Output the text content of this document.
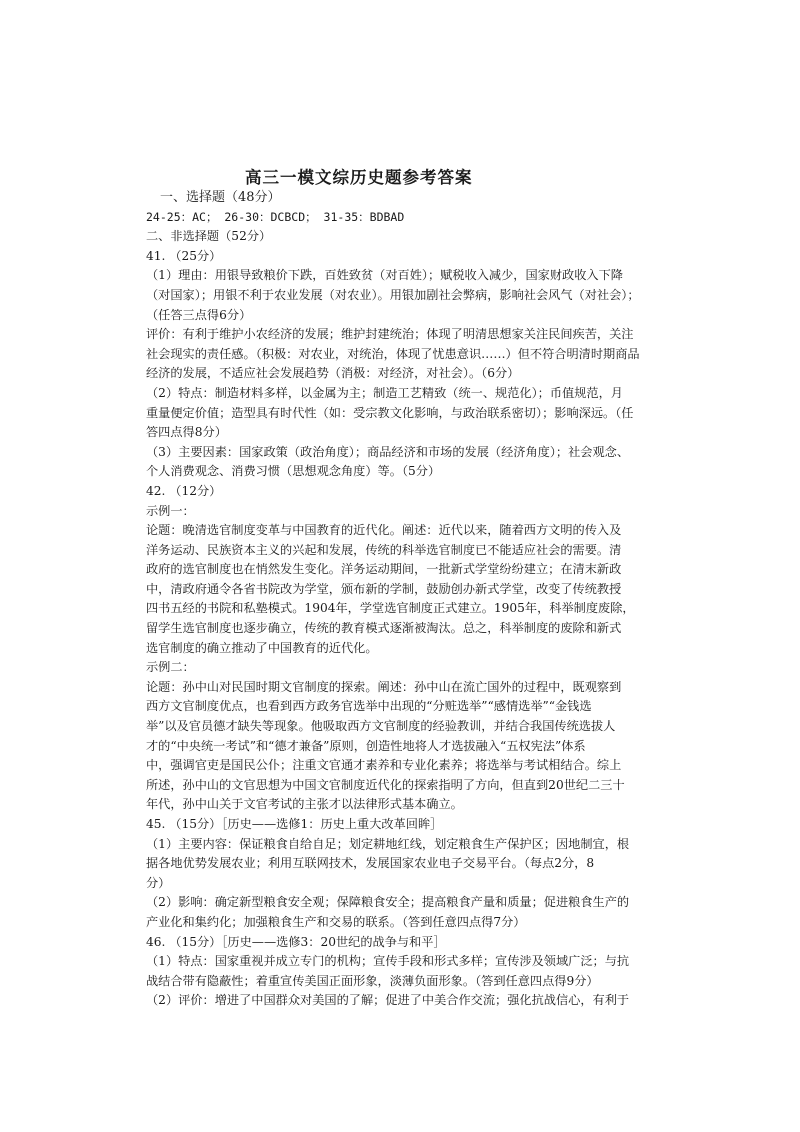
高三一模文综历史题参考答案
一、选择题（48分）
24-25：AC； 26-30：DCBCD； 31-35：BDBAD
二、非选择题（52分）
41. （25分）
（1）理由：用银导致粮价下跌，百姓致贫（对百姓）；赋税收入减少，国家财政收入下降
（对国家）；用银不利于农业发展（对农业）。用银加剧社会弊病，影响社会风气（对社会）；
（任答三点得6分）
评价：有利于维护小农经济的发展；维护封建统治；体现了明清思想家关注民间疾苦，关注
社会现实的责任感。（积极：对农业，对统治，体现了忧患意识……）但不符合明清时期商品
经济的发展，不适应社会发展趋势（消极：对经济，对社会）。（6分）
（2）特点：制造材料多样，以金属为主；制造工艺精致（统一、规范化）；币值规范，月
重量便定价值；造型具有时代性（如：受宗教文化影响，与政治联系密切）；影响深远。（任
答四点得8分）
（3）主要因素：国家政策（政治角度）；商品经济和市场的发展（经济角度）；社会观念、
个人消费观念、消费习惯（思想观念角度）等。（5分）
42. （12分）
示例一：
论题：晚清选官制度变革与中国教育的近代化。阐述：近代以来，随着西方文明的传入及
洋务运动、民族资本主义的兴起和发展，传统的科举选官制度已不能适应社会的需要。清
政府的选官制度也在悄然发生变化。洋务运动期间，一批新式学堂纷纷建立；在清末新政
中，清政府通令各省书院改为学堂，颁布新的学制，鼓励创办新式学堂，改变了传统教授
四书五经的书院和私塾模式。1904年，学堂选官制度正式建立。1905年，科举制度废除，
留学生选官制度也逐步确立，传统的教育模式逐渐被淘汰。总之，科举制度的废除和新式
选官制度的确立推动了中国教育的近代化。
示例二：
论题：孙中山对民国时期文官制度的探索。阐述：孙中山在流亡国外的过程中，既观察到
西方文官制度优点，也看到西方政务官选举中出现的“分赃选举”“感情选举”“金钱选
举”以及官员德才缺失等现象。他吸取西方文官制度的经验教训，并结合我国传统选拔人
才的“中央统一考试”和“德才兼备”原则，创造性地将人才选拔融入“五权宪法”体系
中，强调官吏是国民公仆；注重文官通才素养和专业化素养；将选举与考试相结合。综上
所述，孙中山的文官思想为中国文官制度近代化的探索指明了方向，但直到20世纪二三十
年代，孙中山关于文官考试的主张才以法律形式基本确立。
45. （15分）［历史——选修1：历史上重大改革回眸］
（1）主要内容：保证粮食自给自足；划定耕地红线，划定粮食生产保护区；因地制宜，根
据各地优势发展农业；利用互联网技术，发展国家农业电子交易平台。（每点2分，8
分）
（2）影响：确定新型粮食安全观；保障粮食安全；提高粮食产量和质量；促进粮食生产的
产业化和集约化；加强粮食生产和交易的联系。（答到任意四点得7分）
46. （15分）［历史——选修3：20世纪的战争与和平］
（1）特点：国家重视并成立专门的机构；宣传手段和形式多样；宣传涉及领域广泛；与抗
战结合带有隐蔽性；着重宣传美国正面形象，淡薄负面形象。（答到任意四点得9分）
（2）评价：增进了中国群众对美国的了解；促进了中美合作交流；强化抗战信心，有利于
